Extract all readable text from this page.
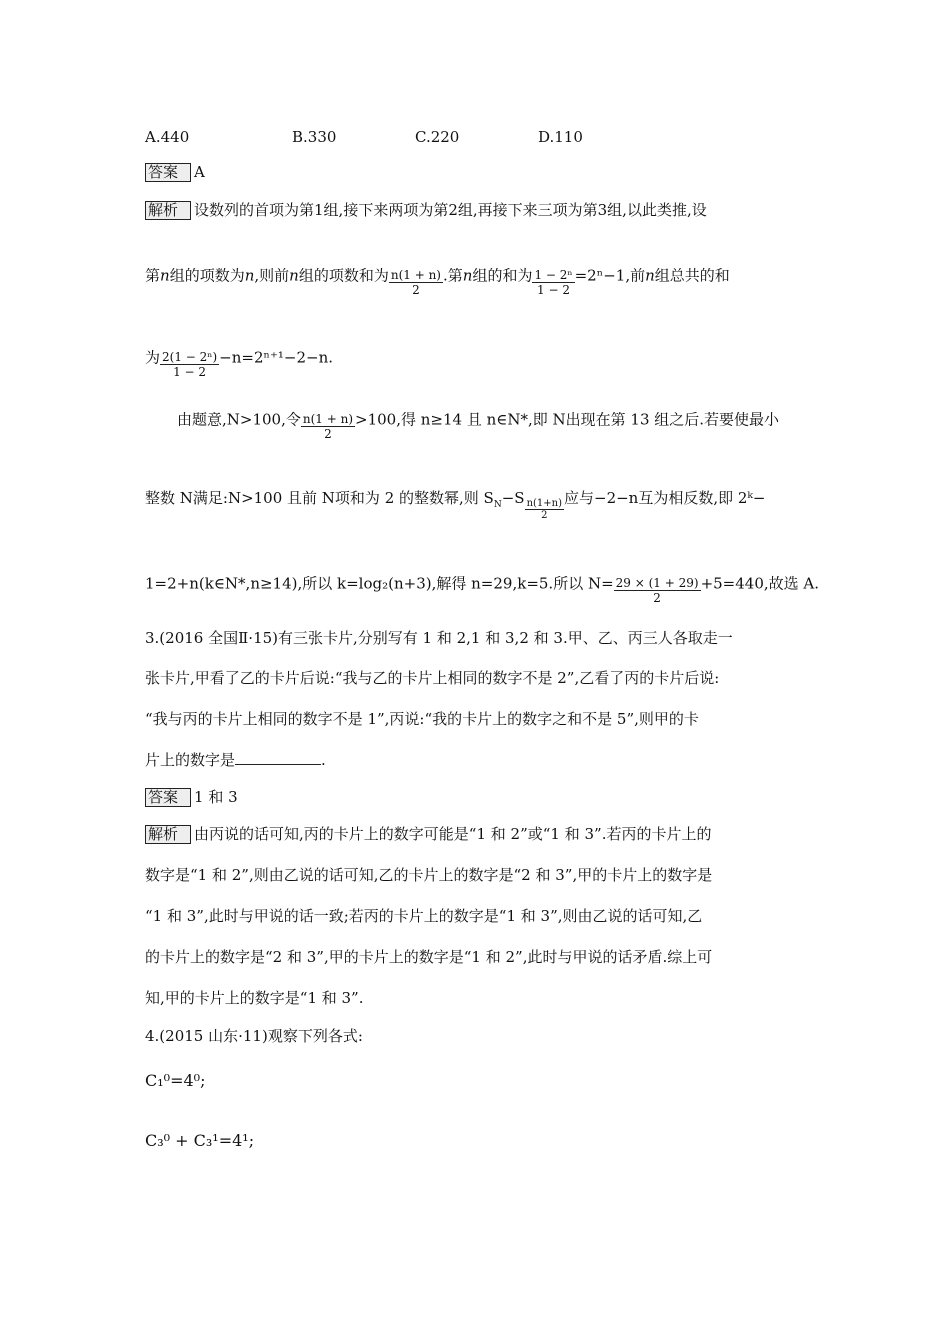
A.440	B.330	C.220	D.110
答案 A
解析 设数列的首项为第1组,接下来两项为第2组,再接下来三项为第3组,以此类推,设
第n组的项数为n,则前n组的项数和为 $\frac{n(1 + n)}{2}$ .第n组的和为 $\frac{\text{1 − 2ⁿ}}{1 - 2} =2^n-1$,前n组总共的和
为 $\frac{\text{2(1 − 2ⁿ)}}{1 - 2} -n=2^{n+1}-2-n$.
由题意,N>100,令 $\frac{n(1 + n)}{2} >100$,得 n≥14 且 n∈N*,即 N出现在第 13 组之后.若要使最小
整数 N满足:N>100 且前 N项和为 2 的整数幂,则 $S_N-S \frac{n(1+n)}{2}$ 应与−2−n互为相反数,即 2ᵏ−
1=2+n(k∈N*,n≥14),所以 k=log₂(n+3),解得 n=29,k=5.所以 $N= \frac{29 \times (1 + 29)}{2} +5=440$,故选 A.
3.(2016 全国Ⅱ·15)有三张卡片,分别写有 1 和 2,1 和 3,2 和 3.甲、乙、丙三人各取走一
张卡片,甲看了乙的卡片后说:“我与乙的卡片上相同的数字不是 2”,乙看了丙的卡片后说:
“我与丙的卡片上相同的数字不是 1”,丙说:“我的卡片上的数字之和不是 5”,则甲的卡
片上的数字是	.
答案 1 和 3
解析 由丙说的话可知,丙的卡片上的数字可能是“1 和 2”或“1 和 3”.若丙的卡片上的
数字是“1 和 2”,则由乙说的话可知,乙的卡片上的数字是“2 和 3”,甲的卡片上的数字是
“1 和 3”,此时与甲说的话一致;若丙的卡片上的数字是“1 和 3”,则由乙说的话可知,乙
的卡片上的数字是“2 和 3”,甲的卡片上的数字是“1 和 2”,此时与甲说的话矛盾.综上可
知,甲的卡片上的数字是“1 和 3”.
4.(2015 山东·11)观察下列各式:
C₁⁰=4⁰;
C₃⁰ + C₃¹=4¹;
